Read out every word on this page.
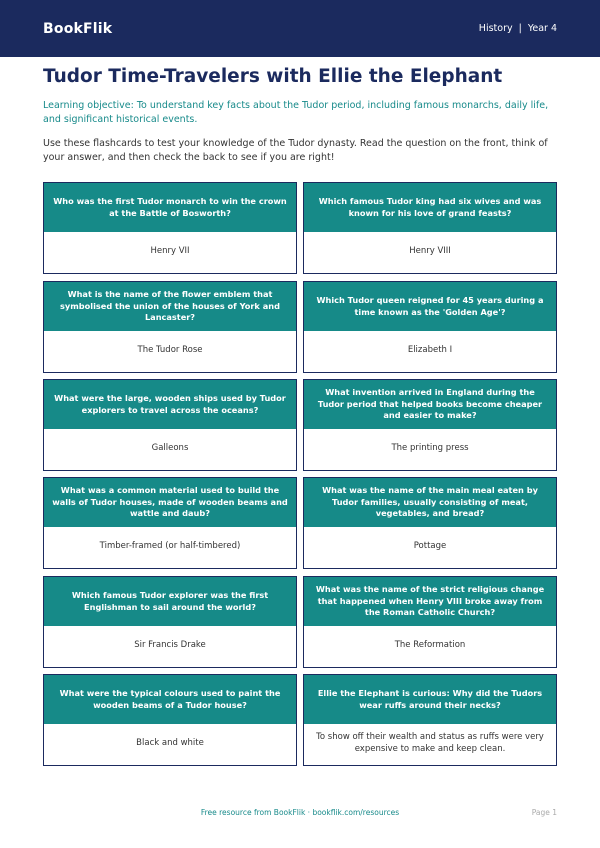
BookFlik	History | Year 4
Tudor Time-Travelers with Ellie the Elephant

Learning objective: To understand key facts about the Tudor period, including famous monarchs, daily life, and significant historical events.

Use these flashcards to test your knowledge of the Tudor dynasty. Read the question on the front, think of your answer, and then check the back to see if you are right!

Who was the first Tudor monarch to win the crown at the Battle of Bosworth?
Henry VII
Which famous Tudor king had six wives and was known for his love of grand feasts?
Henry VIII
What is the name of the flower emblem that symbolised the union of the houses of York and Lancaster?
The Tudor Rose
Which Tudor queen reigned for 45 years during a time known as the 'Golden Age'?
Elizabeth I
What were the large, wooden ships used by Tudor explorers to travel across the oceans?
Galleons
What invention arrived in England during the Tudor period that helped books become cheaper and easier to make?
The printing press
What was a common material used to build the walls of Tudor houses, made of wooden beams and wattle and daub?
Timber-framed (or half-timbered)
What was the name of the main meal eaten by Tudor families, usually consisting of meat, vegetables, and bread?
Pottage
Which famous Tudor explorer was the first Englishman to sail around the world?
Sir Francis Drake
What was the name of the strict religious change that happened when Henry VIII broke away from the Roman Catholic Church?
The Reformation
What were the typical colours used to paint the wooden beams of a Tudor house?
Black and white
Ellie the Elephant is curious: Why did the Tudors wear ruffs around their necks?
To show off their wealth and status as ruffs were very expensive to make and keep clean.
Free resource from BookFlik · bookflik.com/resources	Page 1
